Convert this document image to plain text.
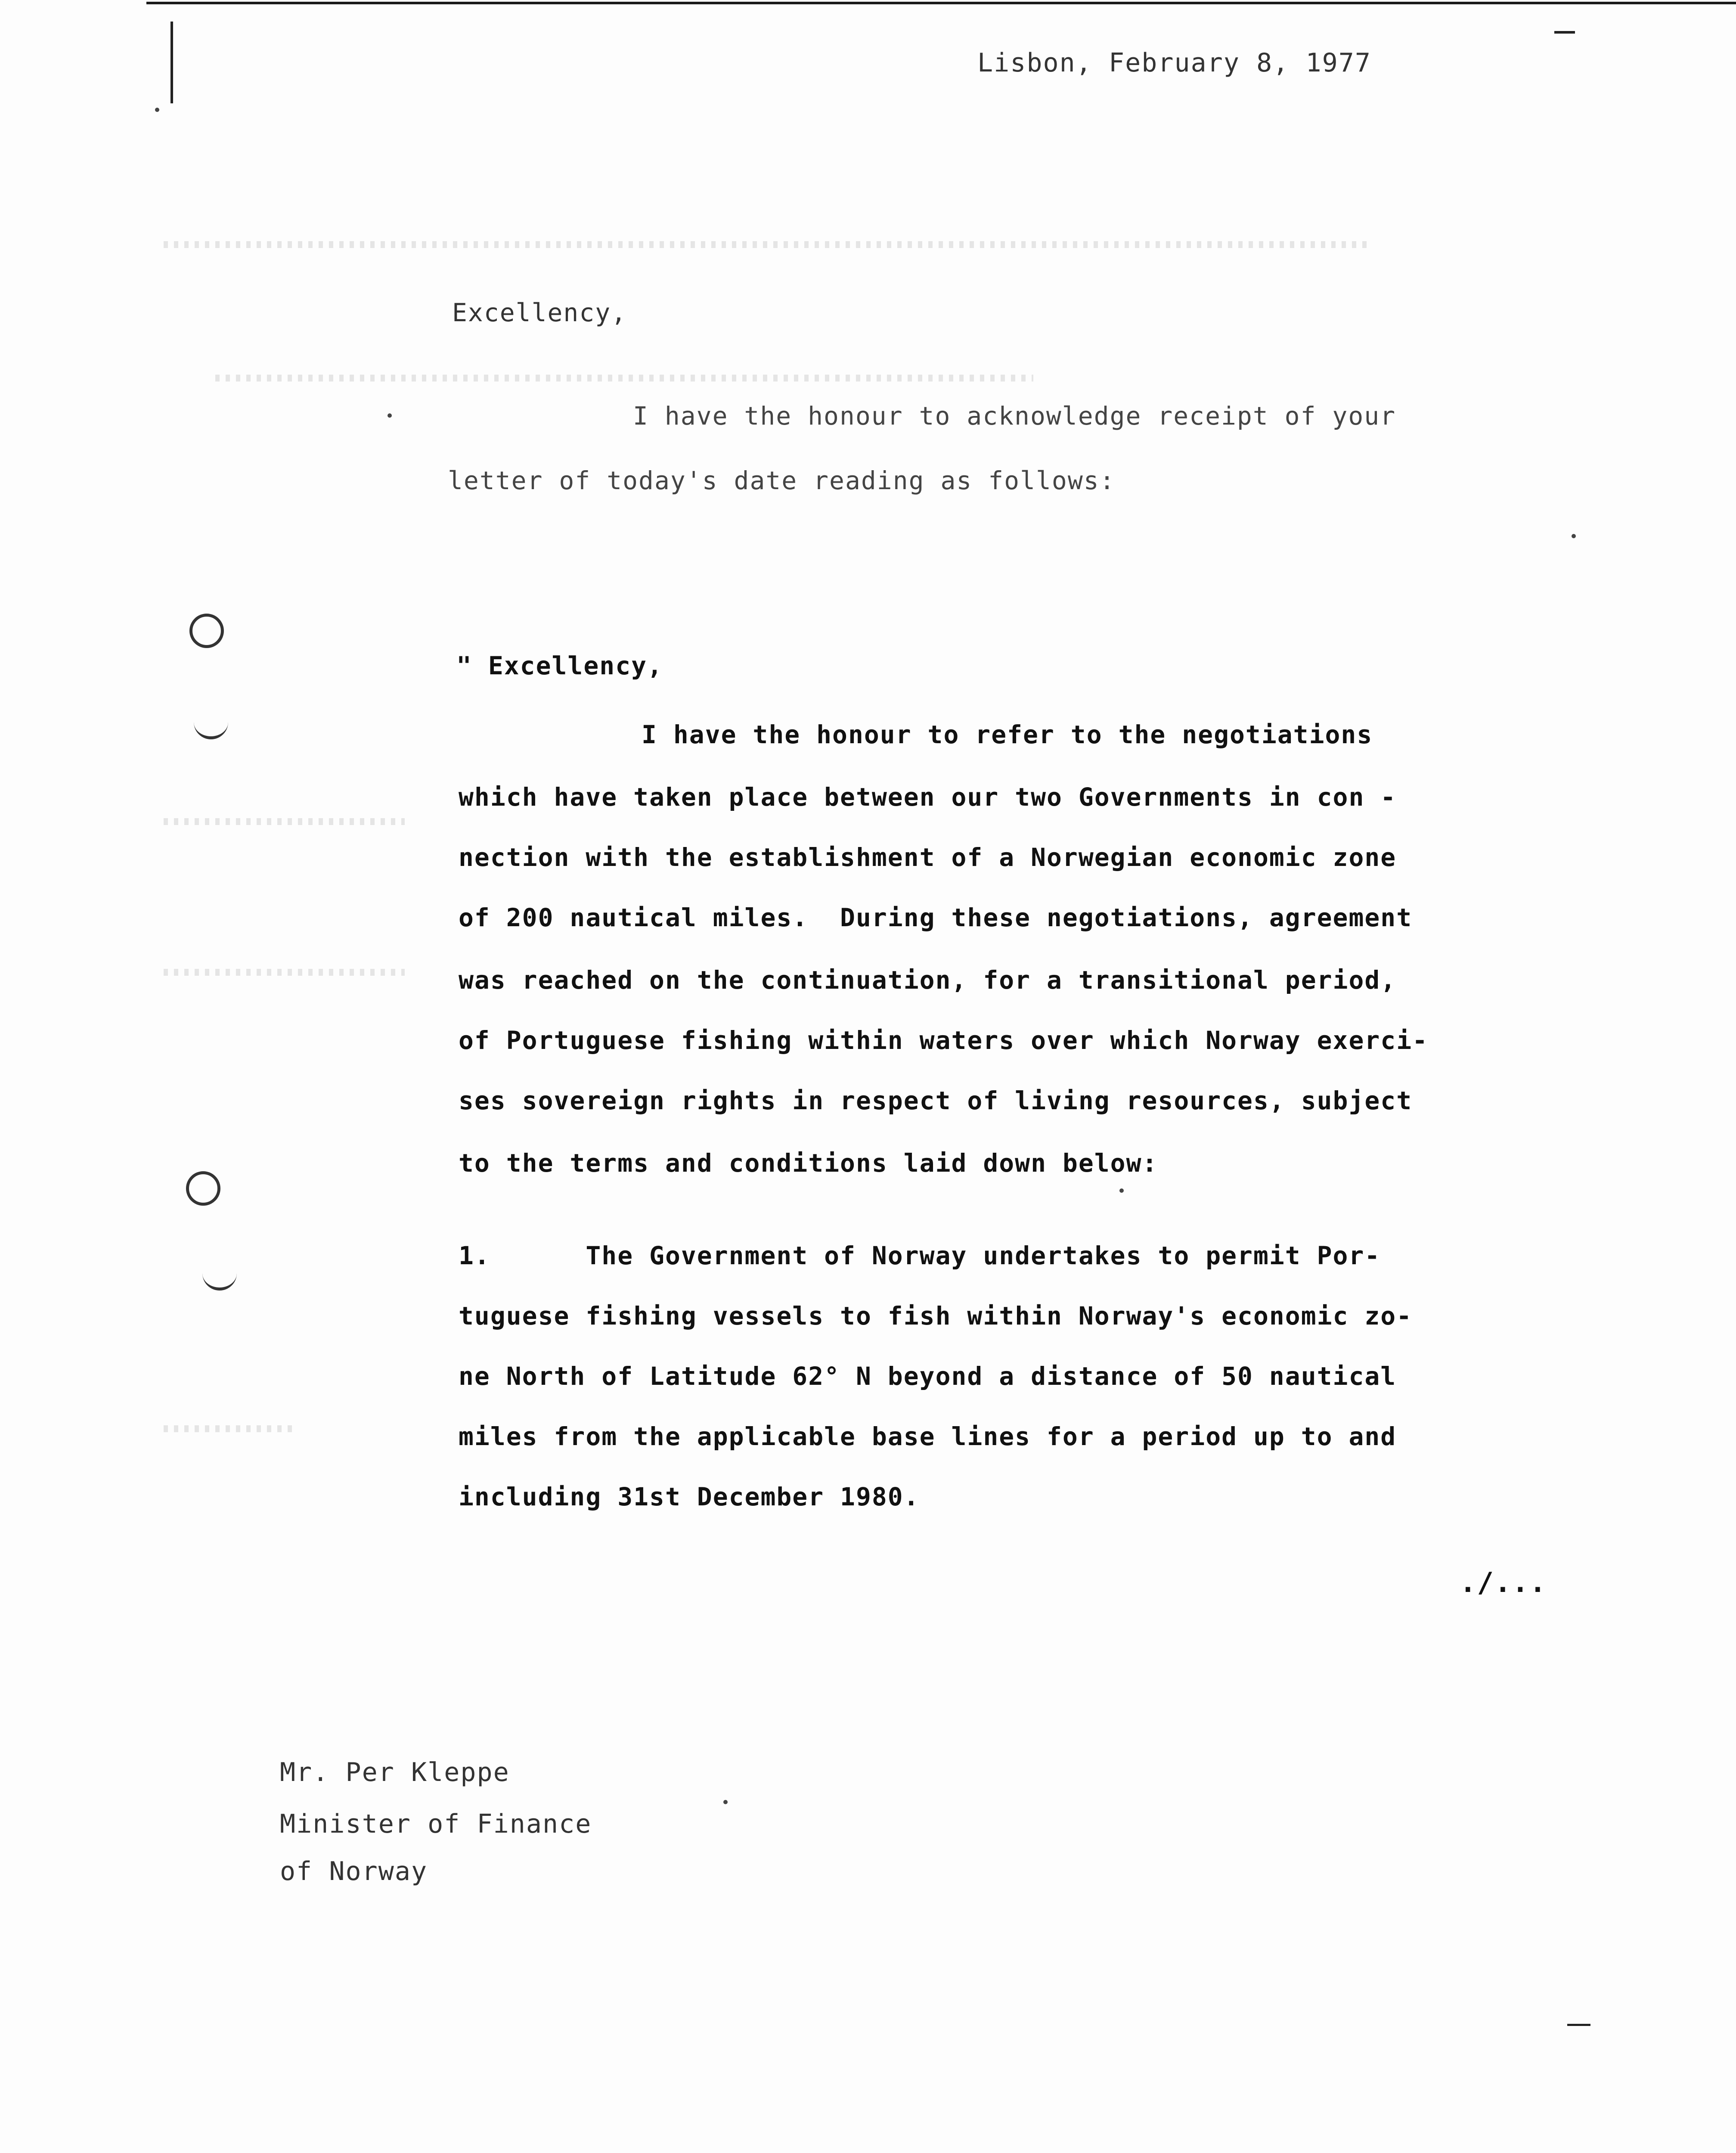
Lisbon, February 8, 1977
Excellency,
I have the honour to acknowledge receipt of your
letter of today's date reading as follows:
" Excellency,
I have the honour to refer to the negotiations
which have taken place between our two Governments in con -
nection with the establishment of a Norwegian economic zone
of 200 nautical miles.  During these negotiations, agreement
was reached on the continuation, for a transitional period,
of Portuguese fishing within waters over which Norway exerci-
ses sovereign rights in respect of living resources, subject
to the terms and conditions laid down below:
1.      The Government of Norway undertakes to permit Por-
tuguese fishing vessels to fish within Norway's economic zo-
ne North of Latitude 62° N beyond a distance of 50 nautical
miles from the applicable base lines for a period up to and
including 31st December 1980.
./...
Mr. Per Kleppe
Minister of Finance
of Norway
